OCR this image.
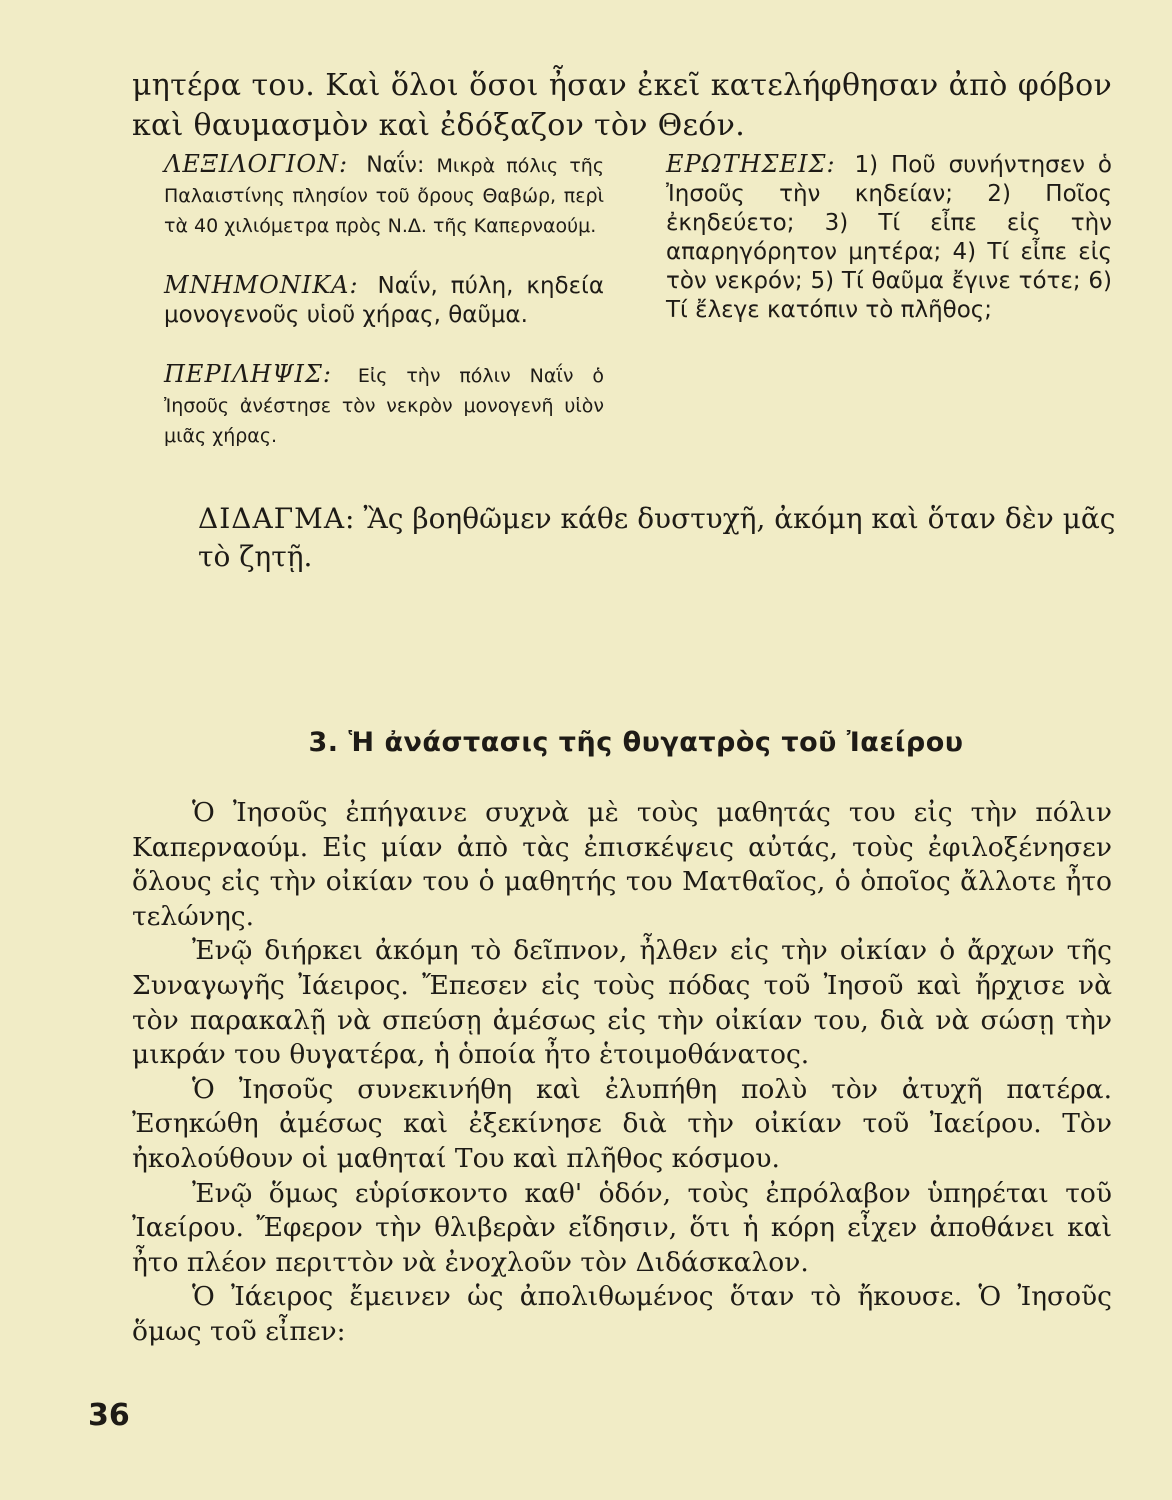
μητέρα του. Καὶ ὅλοι ὅσοι ἦσαν ἐκεῖ κατελήφθησαν ἀπὸ φόβον καὶ θαυμασμὸν καὶ ἐδόξαζον τὸν Θεόν.

ΛΕΞΙΛΟΓΙΟΝ: Ναΐν: Μικρὰ πόλις τῆς Παλαιστίνης πλησίον τοῦ ὄρους Θαβώρ, περὶ τὰ 40 χιλιόμετρα πρὸς Ν.Δ. τῆς Καπερναούμ.

ΜΝΗΜΟΝΙΚΑ: Ναΐν, πύλη, κηδεία μονογενοῦς υἱοῦ χήρας, θαῦμα.

ΠΕΡΙΛΗΨΙΣ: Εἰς τὴν πόλιν Ναΐν ὁ Ἰησοῦς ἀνέστησε τὸν νεκρὸν μονογενῆ υἱὸν μιᾶς χήρας.

ΕΡΩΤΗΣΕΙΣ: 1) Ποῦ συνήντησεν ὁ Ἰησοῦς τὴν κηδείαν; 2) Ποῖος ἐκηδεύετο; 3) Τί εἶπε εἰς τὴν απαρηγόρητον μητέρα; 4) Τί εἶπε εἰς τὸν νεκρόν; 5) Τί θαῦμα ἔγινε τότε; 6) Τί ἔλεγε κατόπιν τὸ πλῆθος;

ΔΙΔΑΓΜΑ: Ἂς βοηθῶμεν κάθε δυστυχῆ, ἀκόμη καὶ ὅταν δὲν μᾶς τὸ ζητῇ.

3. Ἡ ἀνάστασις τῆς θυγατρὸς τοῦ Ἰαείρου

Ὁ Ἰησοῦς ἐπήγαινε συχνὰ μὲ τοὺς μαθητάς του εἰς τὴν πόλιν Καπερναούμ. Εἰς μίαν ἀπὸ τὰς ἐπισκέψεις αὐτάς, τοὺς ἐφιλοξένησεν ὅλους εἰς τὴν οἰκίαν του ὁ μαθητής του Ματθαῖος, ὁ ὁποῖος ἄλλοτε ἦτο τελώνης.

Ἐνῷ διήρκει ἀκόμη τὸ δεῖπνον, ἦλθεν εἰς τὴν οἰκίαν ὁ ἄρχων τῆς Συναγωγῆς Ἰάειρος. Ἔπεσεν εἰς τοὺς πόδας τοῦ Ἰησοῦ καὶ ἤρχισε νὰ τὸν παρακαλῇ νὰ σπεύσῃ ἀμέσως εἰς τὴν οἰκίαν του, διὰ νὰ σώσῃ τὴν μικράν του θυγατέρα, ἡ ὁποία ἦτο ἑτοιμοθάνατος.

Ὁ Ἰησοῦς συνεκινήθη καὶ ἐλυπήθη πολὺ τὸν ἀτυχῆ πατέρα. Ἐσηκώθη ἀμέσως καὶ ἐξεκίνησε διὰ τὴν οἰκίαν τοῦ Ἰαείρου. Τὸν ἠκολούθουν οἱ μαθηταί Του καὶ πλῆθος κόσμου.

Ἐνῷ ὅμως εὑρίσκοντο καθ' ὁδόν, τοὺς ἐπρόλαβον ὑπηρέται τοῦ Ἰαείρου. Ἔφερον τὴν θλιβερὰν εἴδησιν, ὅτι ἡ κόρη εἶχεν ἀποθάνει καὶ ἦτο πλέον περιττὸν νὰ ἐνοχλοῦν τὸν Διδάσκαλον.

Ὁ Ἰάειρος ἔμεινεν ὡς ἀπολιθωμένος ὅταν τὸ ἤκουσε. Ὁ Ἰησοῦς ὅμως τοῦ εἶπεν:

36
